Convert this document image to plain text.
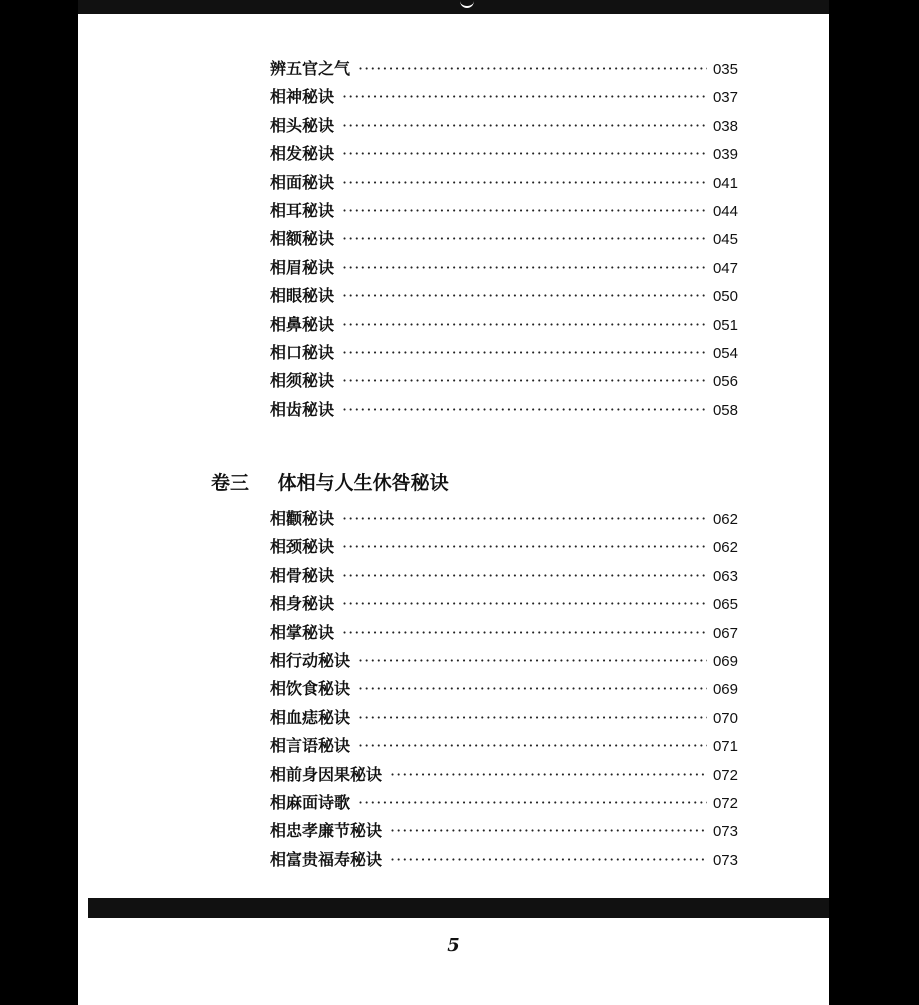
辨五官之气 ·····	035
相神秘诀 ·····	037
相头秘诀 ·····	038
相发秘诀 ·····	039
相面秘诀 ·····	041
相耳秘诀 ·····	044
相额秘诀 ·····	045
相眉秘诀 ·····	047
相眼秘诀 ·····	050
相鼻秘诀 ·····	051
相口秘诀 ·····	054
相须秘诀 ·····	056
相齿秘诀 ·····	058
卷三 体相与人生休咎秘诀
相颧秘诀 ·····	062
相颈秘诀 ·····	062
相骨秘诀 ·····	063
相身秘诀 ·····	065
相掌秘诀 ·····	067
相行动秘诀 ·····	069
相饮食秘诀 ·····	069
相血痣秘诀 ·····	070
相言语秘诀 ·····	071
相前身因果秘诀 ·····	072
相麻面诗歌 ·····	072
相忠孝廉节秘诀 ·····	073
相富贵福寿秘诀 ·····	073
5
